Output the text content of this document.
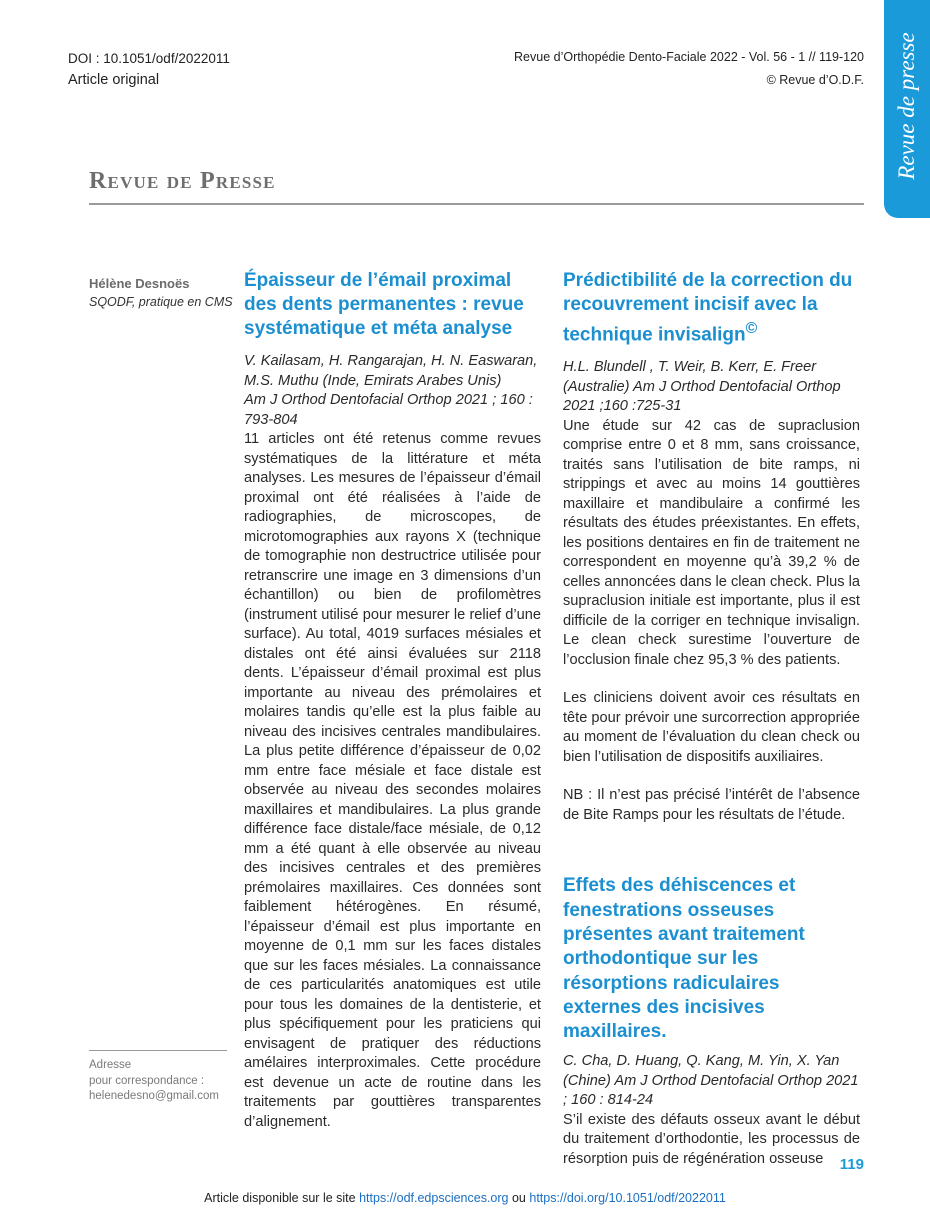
DOI : 10.1051/odf/2022011
Article original
Revue d’Orthopédie Dento-Faciale 2022 - Vol. 56 - 1 // 119-120
© Revue d’O.D.F. Revue de presse
Revue de Presse
Hélène Desnoës
SQODF, pratique en CMS

Épaisseur de l’émail proximal des dents permanentes : revue systématique et méta analyse

V. Kailasam, H. Rangarajan, H. N. Easwaran, M.S. Muthu (Inde, Emirats Arabes Unis)

Am J Orthod Dentofacial Orthop 2021 ; 160 : 793-804

11 articles ont été retenus comme revues systématiques de la littérature et méta analyses. Les mesures de l’épaisseur d’émail proximal ont été réalisées à l’aide de radiographies, de microscopes, de microtomographies aux rayons X (technique de tomographie non destructrice utilisée pour retranscrire une image en 3 dimensions d’un échantillon) ou bien de profilomètres (instrument utilisé pour mesurer le relief d’une surface). Au total, 4019 surfaces mésiales et distales ont été ainsi évaluées sur 2118 dents. L’épaisseur d’émail proximal est plus importante au niveau des prémolaires et molaires tandis qu’elle est la plus faible au niveau des incisives centrales mandibulaires. La plus petite différence d’épaisseur de 0,02 mm entre face mésiale et face distale est observée au niveau des secondes molaires maxillaires et mandibulaires. La plus grande différence face distale/face mésiale, de 0,12 mm a été quant à elle observée au niveau des incisives centrales et des premières prémolaires maxillaires. Ces données sont faiblement hétérogènes. En résumé, l’épaisseur d’émail est plus importante en moyenne de 0,1 mm sur les faces distales que sur les faces mésiales. La connaissance de ces particularités anatomiques est utile pour tous les domaines de la dentisterie, et plus spécifiquement pour les praticiens qui envisagent de pratiquer des réductions amélaires interproximales. Cette procédure est devenue un acte de routine dans les traitements par gouttières transparentes d’alignement.

Prédictibilité de la correction du recouvrement incisif avec la technique invisalign©

H.L. Blundell , T. Weir, B. Kerr, E. Freer (Australie) Am J Orthod Dentofacial Orthop 2021 ;160 :725-31

Une étude sur 42 cas de supraclusion comprise entre 0 et 8 mm, sans croissance, traités sans l’utilisation de bite ramps, ni strippings et avec au moins 14 gouttières maxillaire et mandibulaire a confirmé les résultats des études préexistantes. En effets, les positions dentaires en fin de traitement ne correspondent en moyenne qu’à 39,2 % de celles annoncées dans le clean check. Plus la supraclusion initiale est importante, plus il est difficile de la corriger en technique invisalign. Le clean check surestime l’ouverture de l’occlusion finale chez 95,3 % des patients.

Les cliniciens doivent avoir ces résultats en tête pour prévoir une surcorrection appropriée au moment de l’évaluation du clean check ou bien l’utilisation de dispositifs auxiliaires.

NB : Il n’est pas précisé l’intérêt de l’absence de Bite Ramps pour les résultats de l’étude.

Effets des déhiscences et fenestrations osseuses présentes avant traitement orthodontique sur les résorptions radiculaires externes des incisives maxillaires.

C. Cha, D. Huang, Q. Kang, M. Yin, X. Yan (Chine) Am J Orthod Dentofacial Orthop 2021 ; 160 : 814-24

S’il existe des défauts osseux avant le début du traitement d’orthodontie, les processus de résorption puis de régénération osseuse

Adresse
pour correspondance :
helenedesno@gmail.com
119
Article disponible sur le site https://odf.edpsciences.org ou https://doi.org/10.1051/odf/2022011
